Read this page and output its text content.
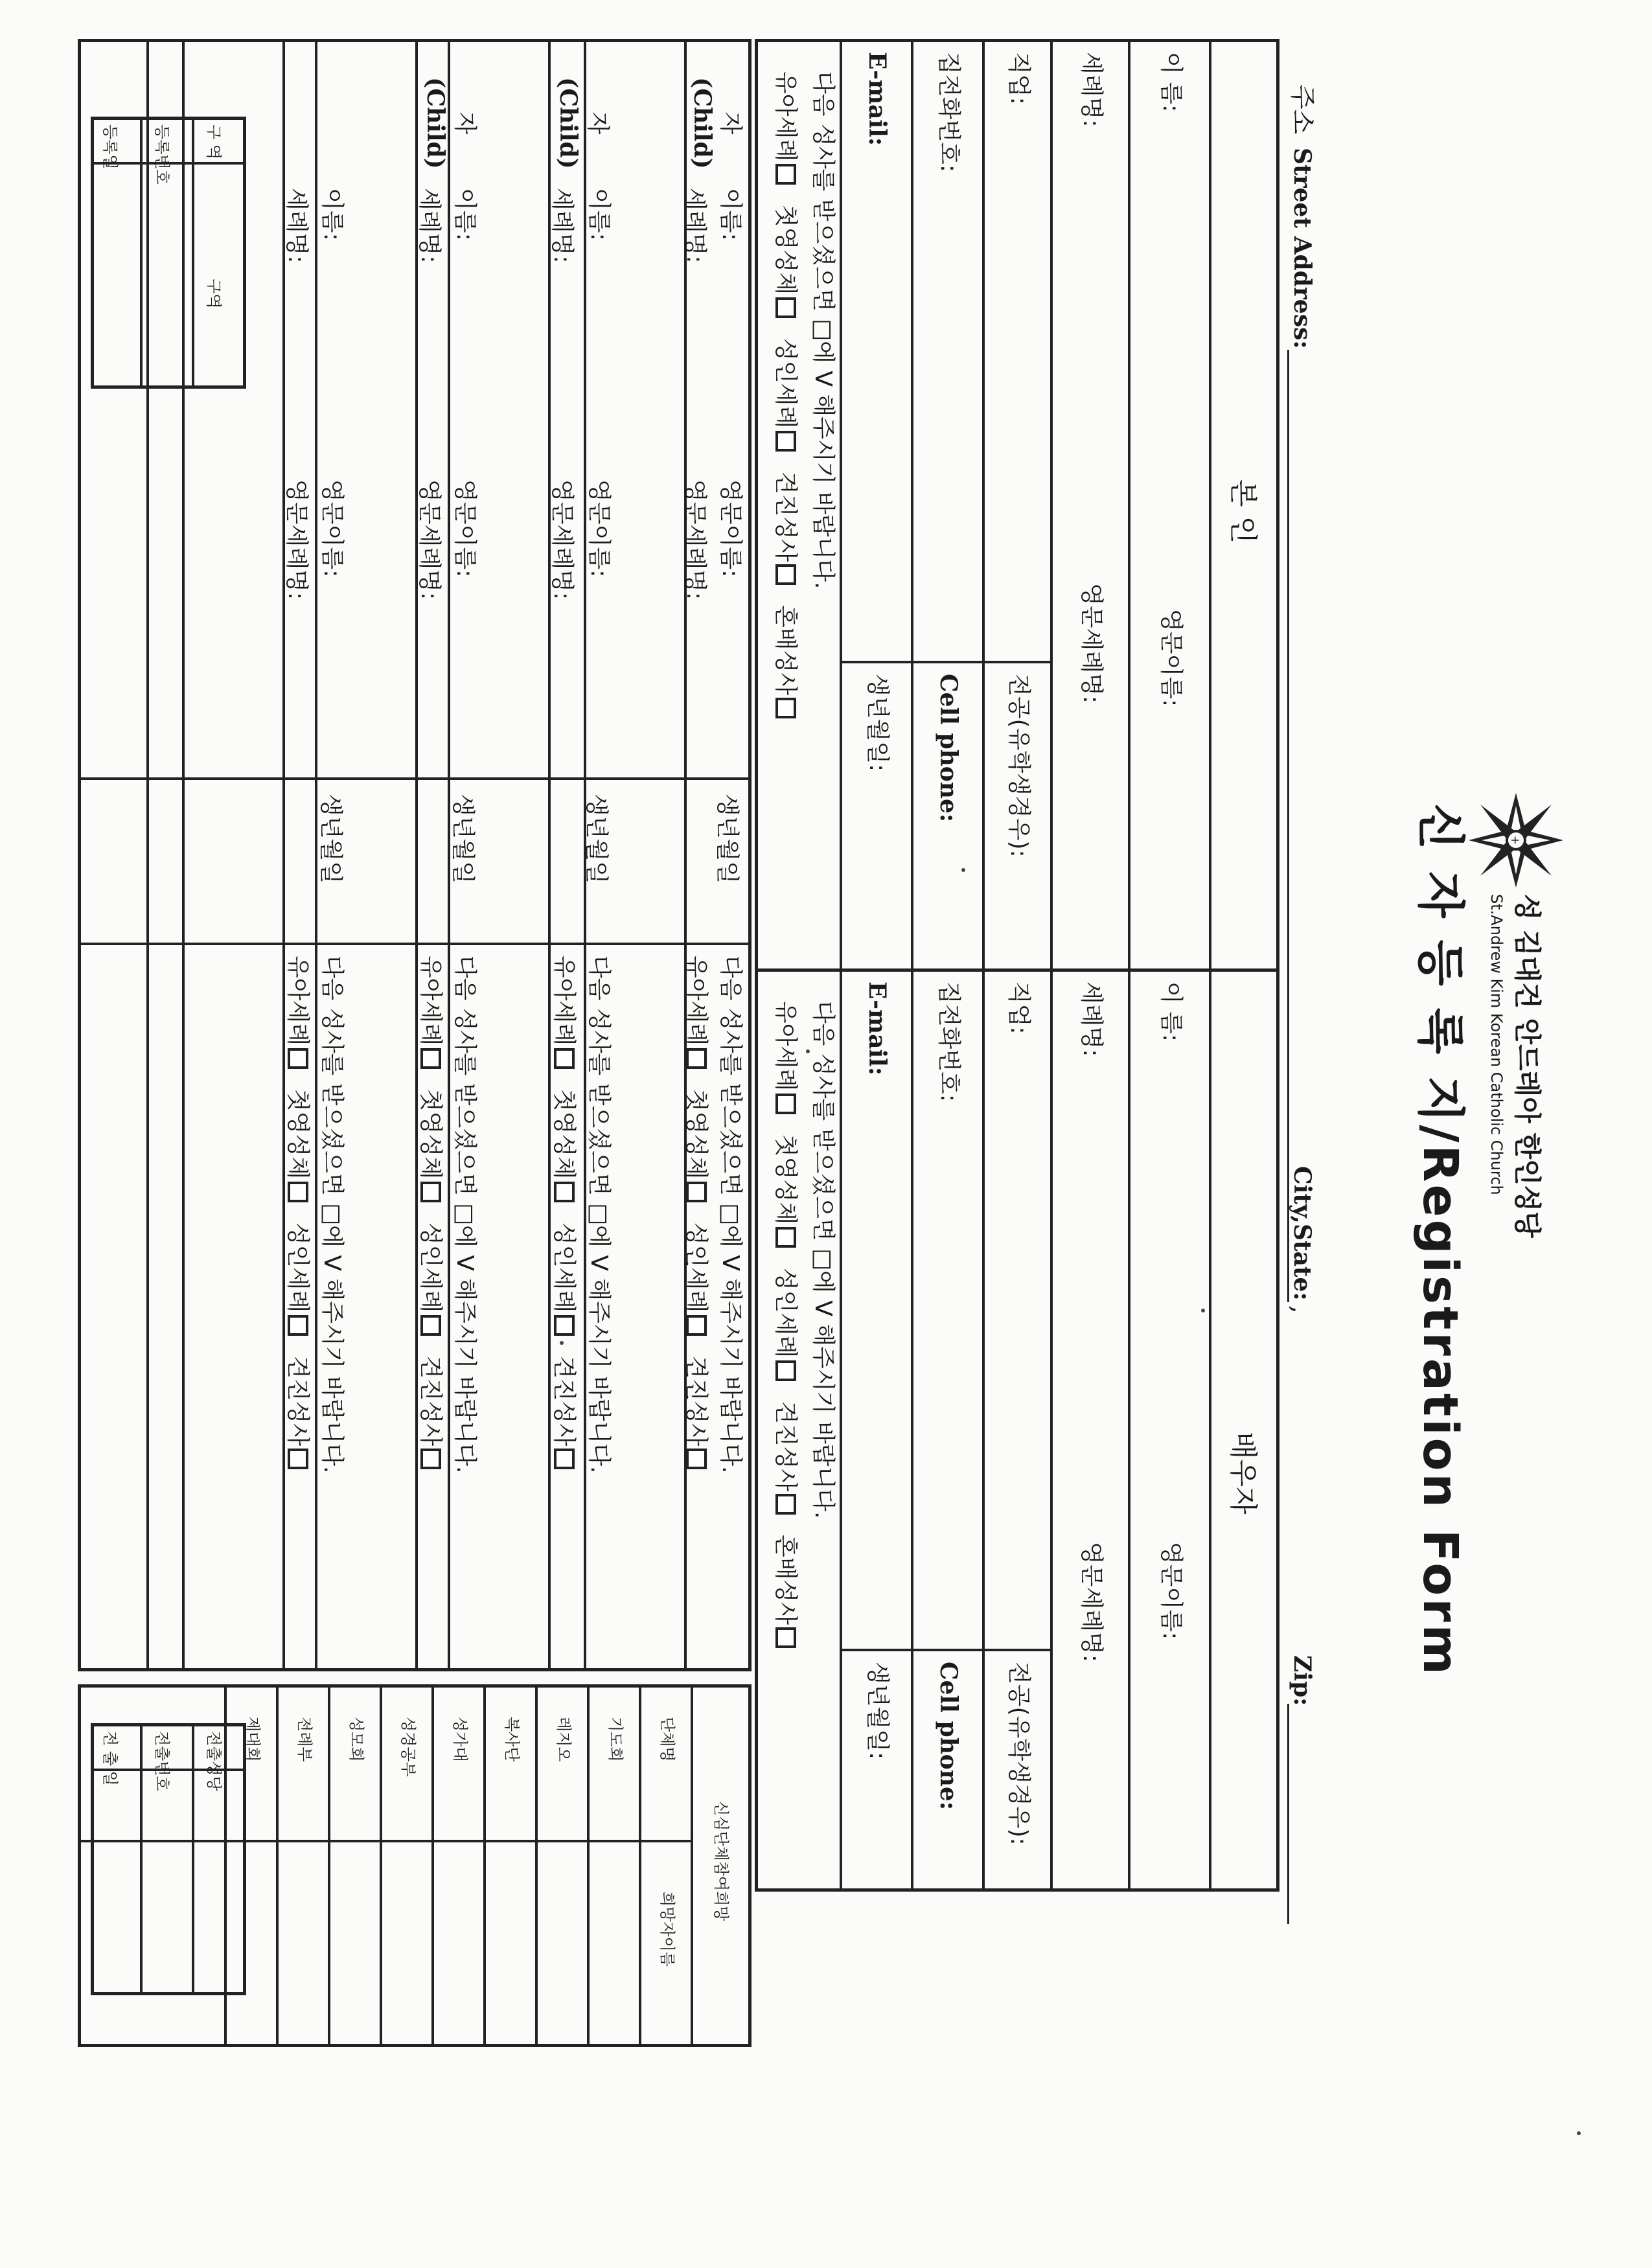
+
성 김대건 안드레아 한인성당
St.Andrew Kim Korean Catholic Church
신 자 등 록 지/Registration Form
등록일 등록번호 구 역
구역
전 출 일 전출번호 전출성당
주소
Street Address:
City,State:
,
Zip:
본 인
이 름:
영문이름:
세례명:
영문세례명:
직업:
전공(유학생경우):
집전화번호:
Cell phone:
E-mail:
생년월일:
다음 성사를 받으셨으면 □에 V 해주시기 바랍니다.
유아세례  첫영성체  성인세례  견진성사  혼배성사
배우자
이 름:
영문이름:
세례명:
영문세례명:
직업:
전공(유학생경우):
집전화번호:
Cell phone:
E-mail:
생년월일:
다음 성사를 받으셨으면 □에 V 해주시기 바랍니다.
유아세례  첫영성체  성인세례  견진성사  혼배성사
자
(Child)
이름:
영문이름:
세례명:
영문세례명:
생년월일
다음 성사를 받으셨으면 □에 V 해주시기 바랍니다.
유아세례  첫영성체  성인세례  견진성사
자
(Child)
이름:
영문이름:
세례명:
영문세례명:
생년월일
다음 성사를 받으셨으면 □에 V 해주시기 바랍니다.
유아세례  첫영성체  성인세례  견진성사
자
(Child)
이름:
영문이름:
세례명:
영문세례명:
생년월일
다음 성사를 받으셨으면 □에 V 해주시기 바랍니다.
유아세례  첫영성체  성인세례  견진성사
이름:
영문이름:
세례명:
영문세례명:
생년월일
다음 성사를 받으셨으면 □에 V 해주시기 바랍니다.
유아세례  첫영성체  성인세례  견진성사
신심단체참여희망
단체명
희망자이름
기도회
레지오
복사단
성가대
성경공부
성모회
전례부
제대회
